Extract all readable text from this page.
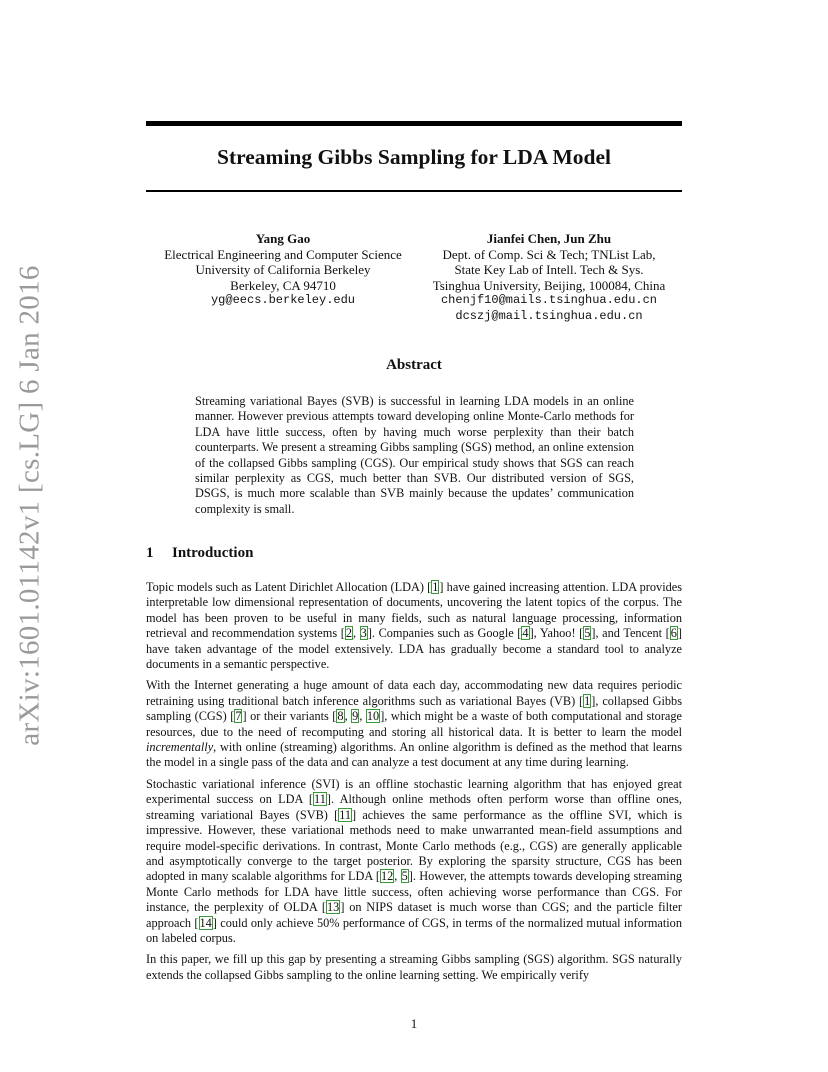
arXiv:1601.01142v1 [cs.LG] 6 Jan 2016
Streaming Gibbs Sampling for LDA Model
Yang Gao
Electrical Engineering and Computer Science
University of California Berkeley
Berkeley, CA 94710
yg@eecs.berkeley.edu
Jianfei Chen, Jun Zhu
Dept. of Comp. Sci & Tech; TNList Lab,
State Key Lab of Intell. Tech & Sys.
Tsinghua University, Beijing, 100084, China
chenjf10@mails.tsinghua.edu.cn
dcszj@mail.tsinghua.edu.cn
Abstract

Streaming variational Bayes (SVB) is successful in learning LDA models in an online manner. However previous attempts toward developing online Monte-Carlo methods for LDA have little success, often by having much worse perplexity than their batch counterparts. We present a streaming Gibbs sampling (SGS) method, an online extension of the collapsed Gibbs sampling (CGS). Our empirical study shows that SGS can reach similar perplexity as CGS, much better than SVB. Our distributed version of SGS, DSGS, is much more scalable than SVB mainly because the updates’ communication complexity is small.

1 Introduction

Topic models such as Latent Dirichlet Allocation (LDA) [1] have gained increasing attention. LDA provides interpretable low dimensional representation of documents, uncovering the latent topics of the corpus. The model has been proven to be useful in many fields, such as natural language processing, information retrieval and recommendation systems [2, 3]. Companies such as Google [4], Yahoo! [5], and Tencent [6] have taken advantage of the model extensively. LDA has gradually become a standard tool to analyze documents in a semantic perspective.

With the Internet generating a huge amount of data each day, accommodating new data requires periodic retraining using traditional batch inference algorithms such as variational Bayes (VB) [1], collapsed Gibbs sampling (CGS) [7] or their variants [8, 9, 10], which might be a waste of both computational and storage resources, due to the need of recomputing and storing all historical data. It is better to learn the model incrementally, with online (streaming) algorithms. An online algorithm is defined as the method that learns the model in a single pass of the data and can analyze a test document at any time during learning.

Stochastic variational inference (SVI) is an offline stochastic learning algorithm that has enjoyed great experimental success on LDA [11]. Although online methods often perform worse than offline ones, streaming variational Bayes (SVB) [11] achieves the same performance as the offline SVI, which is impressive. However, these variational methods need to make unwarranted mean-field assumptions and require model-specific derivations. In contrast, Monte Carlo methods (e.g., CGS) are generally applicable and asymptotically converge to the target posterior. By exploring the sparsity structure, CGS has been adopted in many scalable algorithms for LDA [12, 5]. However, the attempts towards developing streaming Monte Carlo methods for LDA have little success, often achieving worse performance than CGS. For instance, the perplexity of OLDA [13] on NIPS dataset is much worse than CGS; and the particle filter approach [14] could only achieve 50% performance of CGS, in terms of the normalized mutual information on labeled corpus.

In this paper, we fill up this gap by presenting a streaming Gibbs sampling (SGS) algorithm. SGS naturally extends the collapsed Gibbs sampling to the online learning setting. We empirically verify

1
